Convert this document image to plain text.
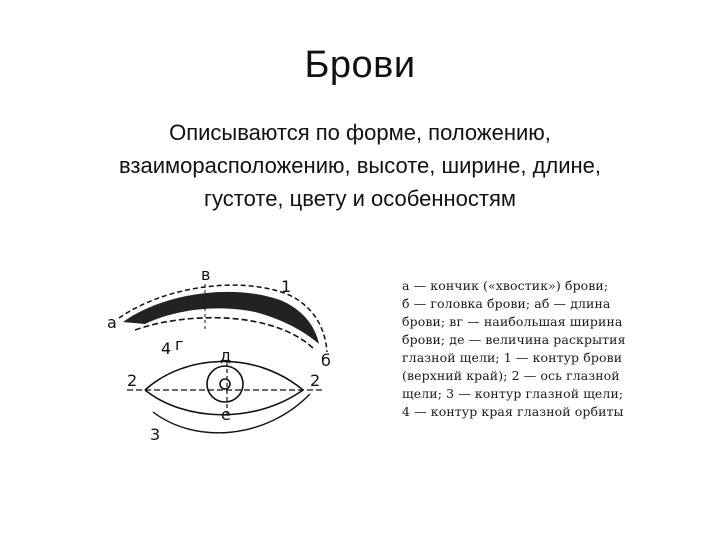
Брови
Описываются по форме, положению,
взаиморасположению, высоте, ширине, длине,
густоте, цвету и особенностям
а
б
в
1
4 г
д
2	2
е
3
а — кончик («хвостик») брови;
б — головка брови; аб — длина
брови; вг — наибольшая ширина
брови; де — величина раскрытия
глазной щели; 1 — контур брови
(верхний край); 2 — ось глазной
щели; 3 — контур глазной щели;
4 — контур края глазной орбиты
